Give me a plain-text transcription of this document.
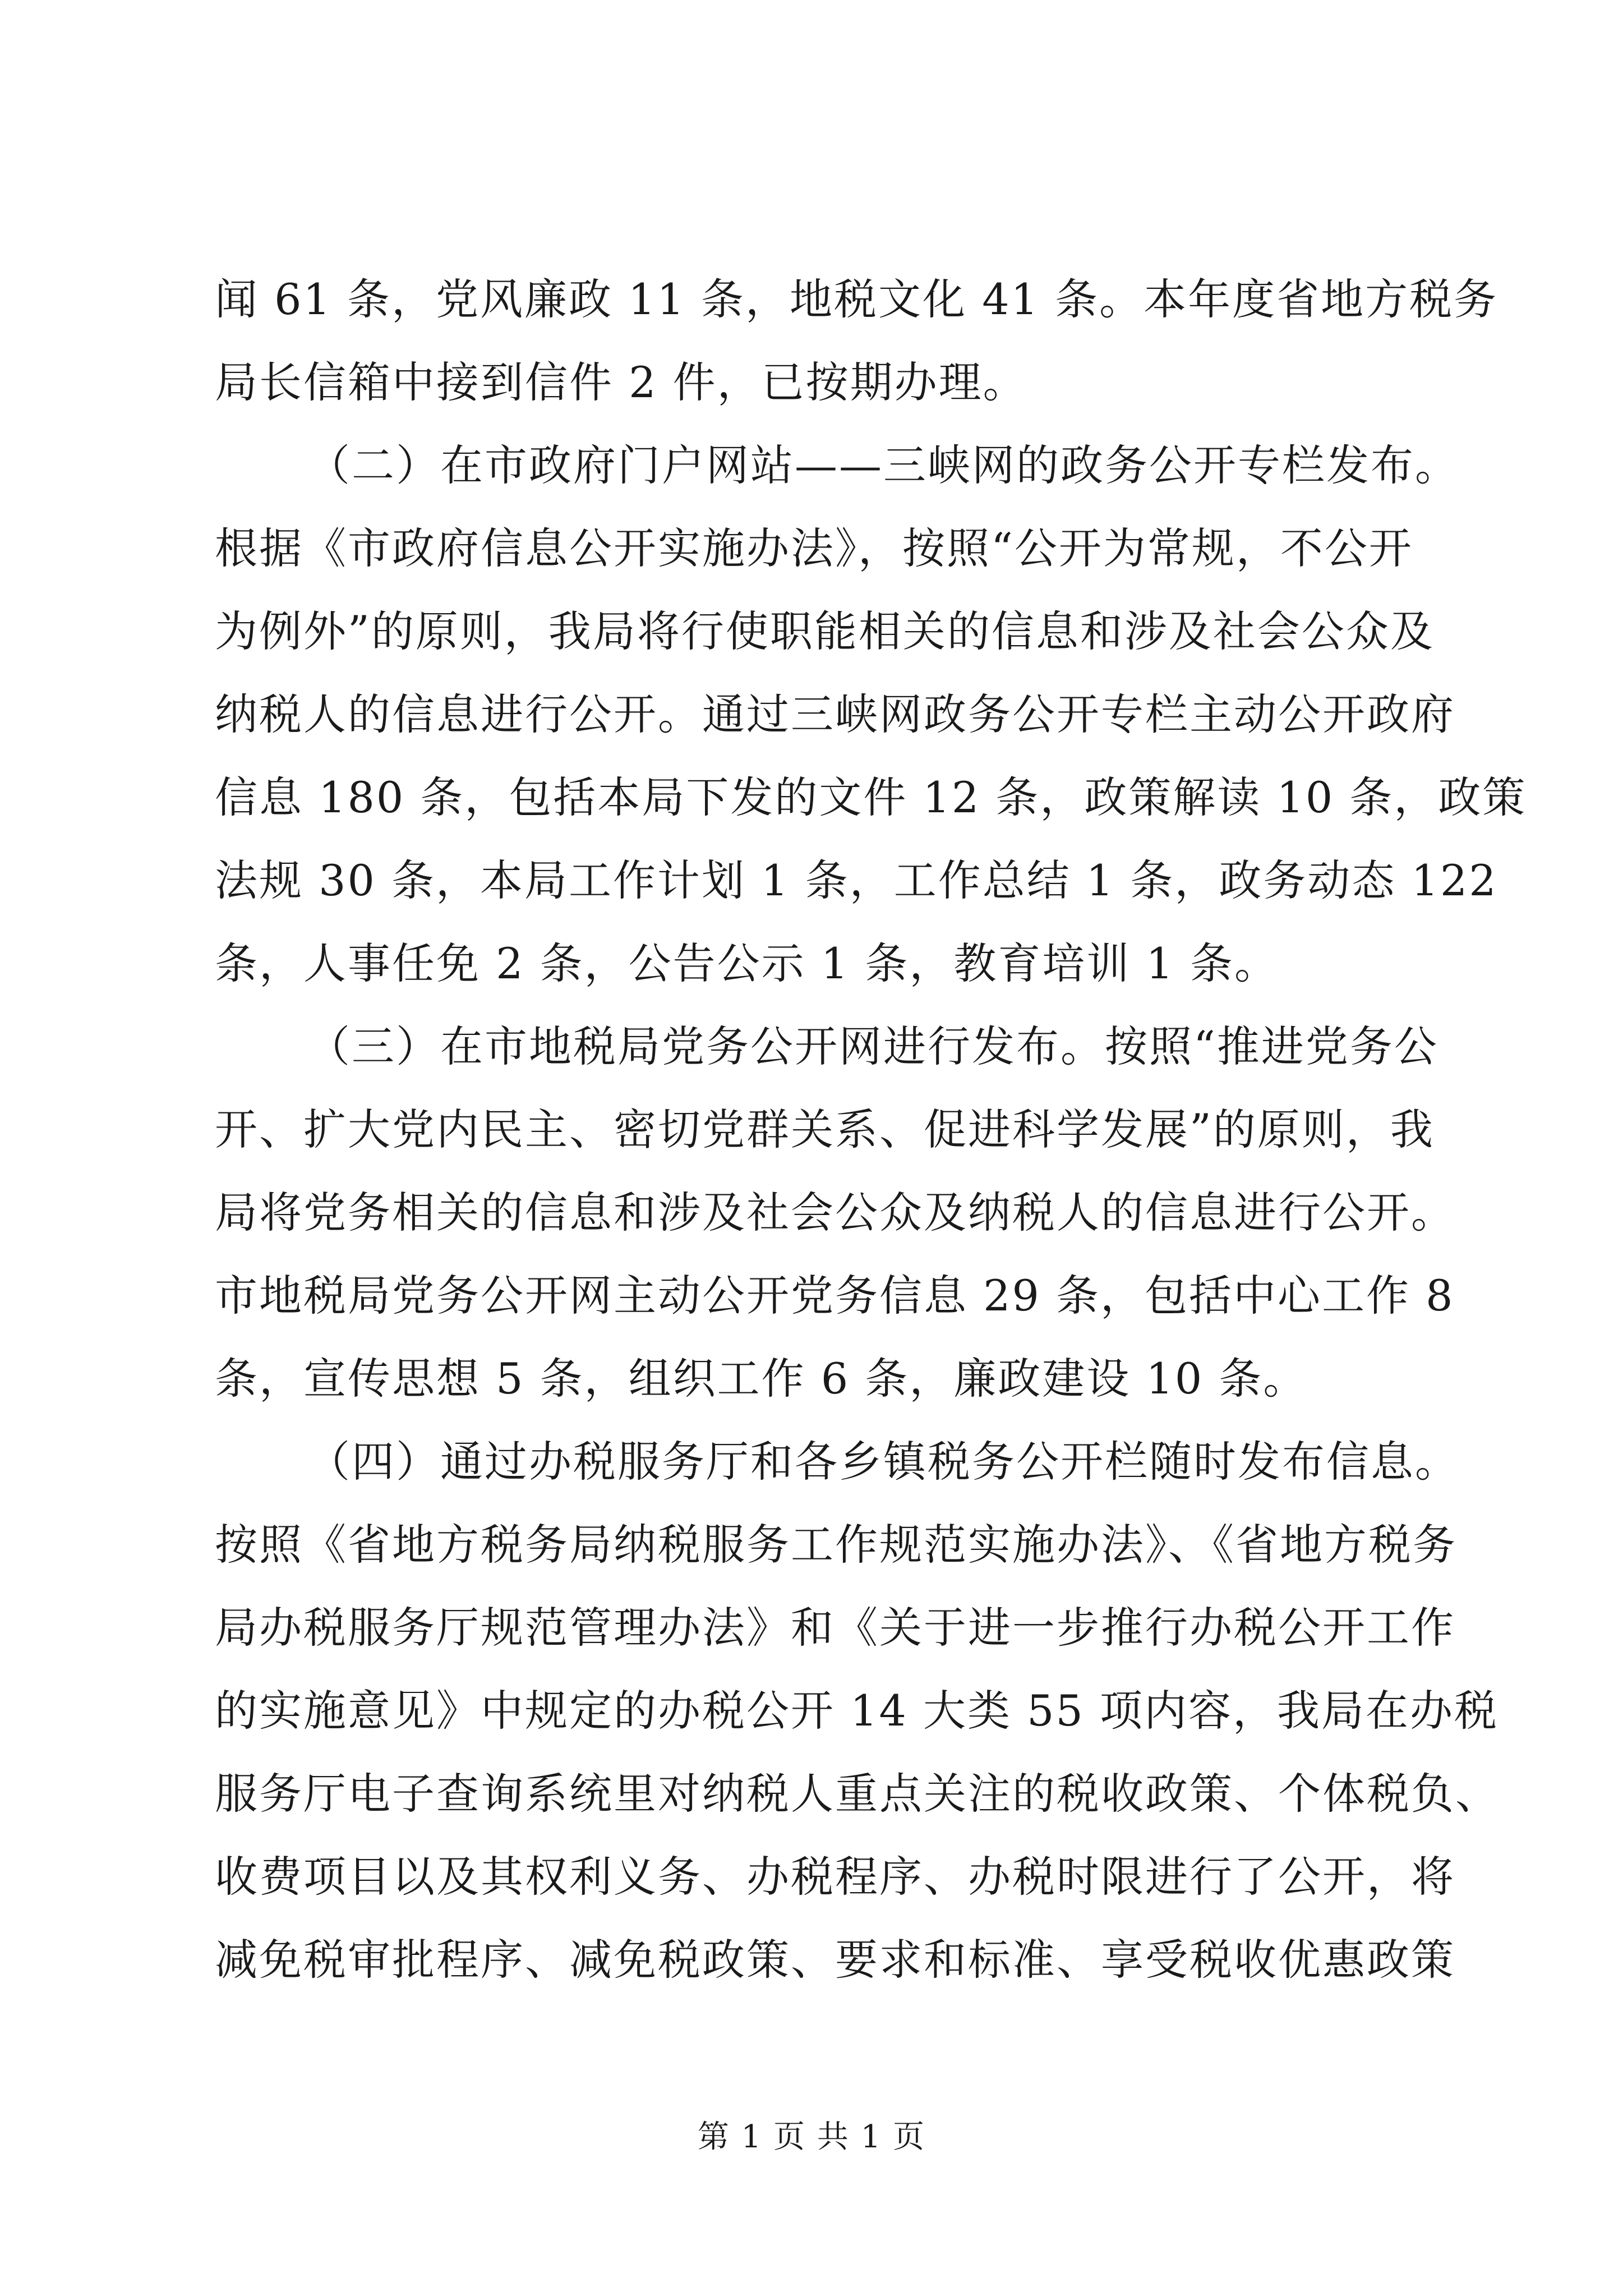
闻 61 条，党风廉政 11 条，地税文化 41 条。本年度省地方税务
局长信箱中接到信件 2 件，已按期办理。
（二）在市政府门户网站——三峡网的政务公开专栏发布。
根据《市政府信息公开实施办法》，按照“公开为常规，不公开
为例外”的原则，我局将行使职能相关的信息和涉及社会公众及
纳税人的信息进行公开。通过三峡网政务公开专栏主动公开政府
信息 180 条，包括本局下发的文件 12 条，政策解读 10 条，政策
法规 30 条，本局工作计划 1 条，工作总结 1 条，政务动态 122
条，人事任免 2 条，公告公示 1 条，教育培训 1 条。
（三）在市地税局党务公开网进行发布。按照“推进党务公
开、扩大党内民主、密切党群关系、促进科学发展”的原则，我
局将党务相关的信息和涉及社会公众及纳税人的信息进行公开。
市地税局党务公开网主动公开党务信息 29 条，包括中心工作 8
条，宣传思想 5 条，组织工作 6 条，廉政建设 10 条。
（四）通过办税服务厅和各乡镇税务公开栏随时发布信息。
按照《省地方税务局纳税服务工作规范实施办法》、《省地方税务
局办税服务厅规范管理办法》和《关于进一步推行办税公开工作
的实施意见》中规定的办税公开 14 大类 55 项内容，我局在办税
服务厅电子查询系统里对纳税人重点关注的税收政策、个体税负、
收费项目以及其权利义务、办税程序、办税时限进行了公开，将
减免税审批程序、减免税政策、要求和标准、享受税收优惠政策
第 1 页 共 1 页
